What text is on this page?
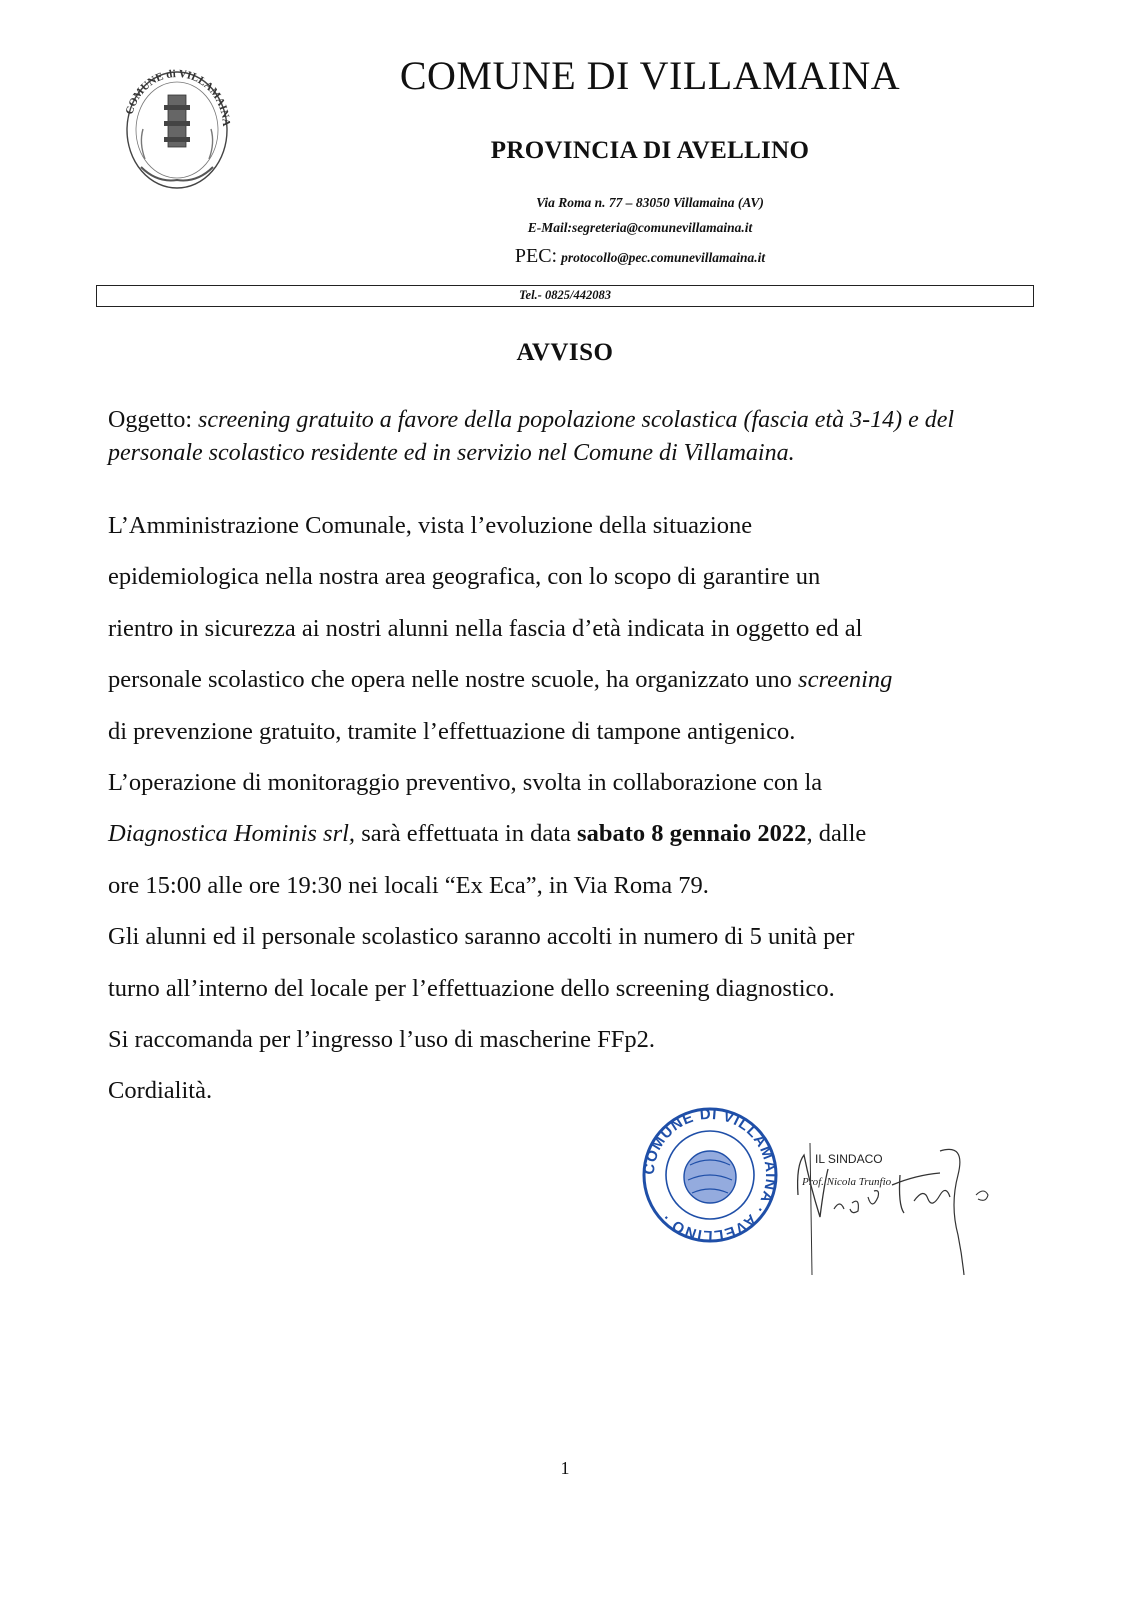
COMUNE di VILLAMAINA
COMUNE DI VILLAMAINA
PROVINCIA DI AVELLINO
Via Roma n. 77 – 83050 Villamaina (AV)
E-Mail:segreteria@comunevillamaina.it
PEC: protocollo@pec.comunevillamaina.it
Tel.- 0825/442083
AVVISO
Oggetto: screening gratuito a favore della popolazione scolastica (fascia età 3-14) e del personale scolastico residente ed in servizio nel Comune di Villamaina.

L’Amministrazione Comunale, vista l’evoluzione della situazione

epidemiologica nella nostra area geografica, con lo scopo di garantire un

rientro in sicurezza ai nostri alunni nella fascia d’età indicata in oggetto ed al

personale scolastico che opera nelle nostre scuole, ha organizzato uno screening

di prevenzione gratuito, tramite l’effettuazione di tampone antigenico.

L’operazione di monitoraggio preventivo, svolta in collaborazione con la

Diagnostica Hominis srl, sarà effettuata in data sabato 8 gennaio 2022, dalle

ore 15:00 alle ore 19:30 nei locali “Ex Eca”, in Via Roma 79.

Gli alunni ed il personale scolastico saranno accolti in numero di 5 unità per

turno all’interno del locale per l’effettuazione dello screening diagnostico.

Si raccomanda per l’ingresso l’uso di mascherine FFp2.

Cordialità.

COMUNE DI VILLAMAINA · AVELLINO ·
IL SINDACO
Prof. Nicola Trunfio
1
